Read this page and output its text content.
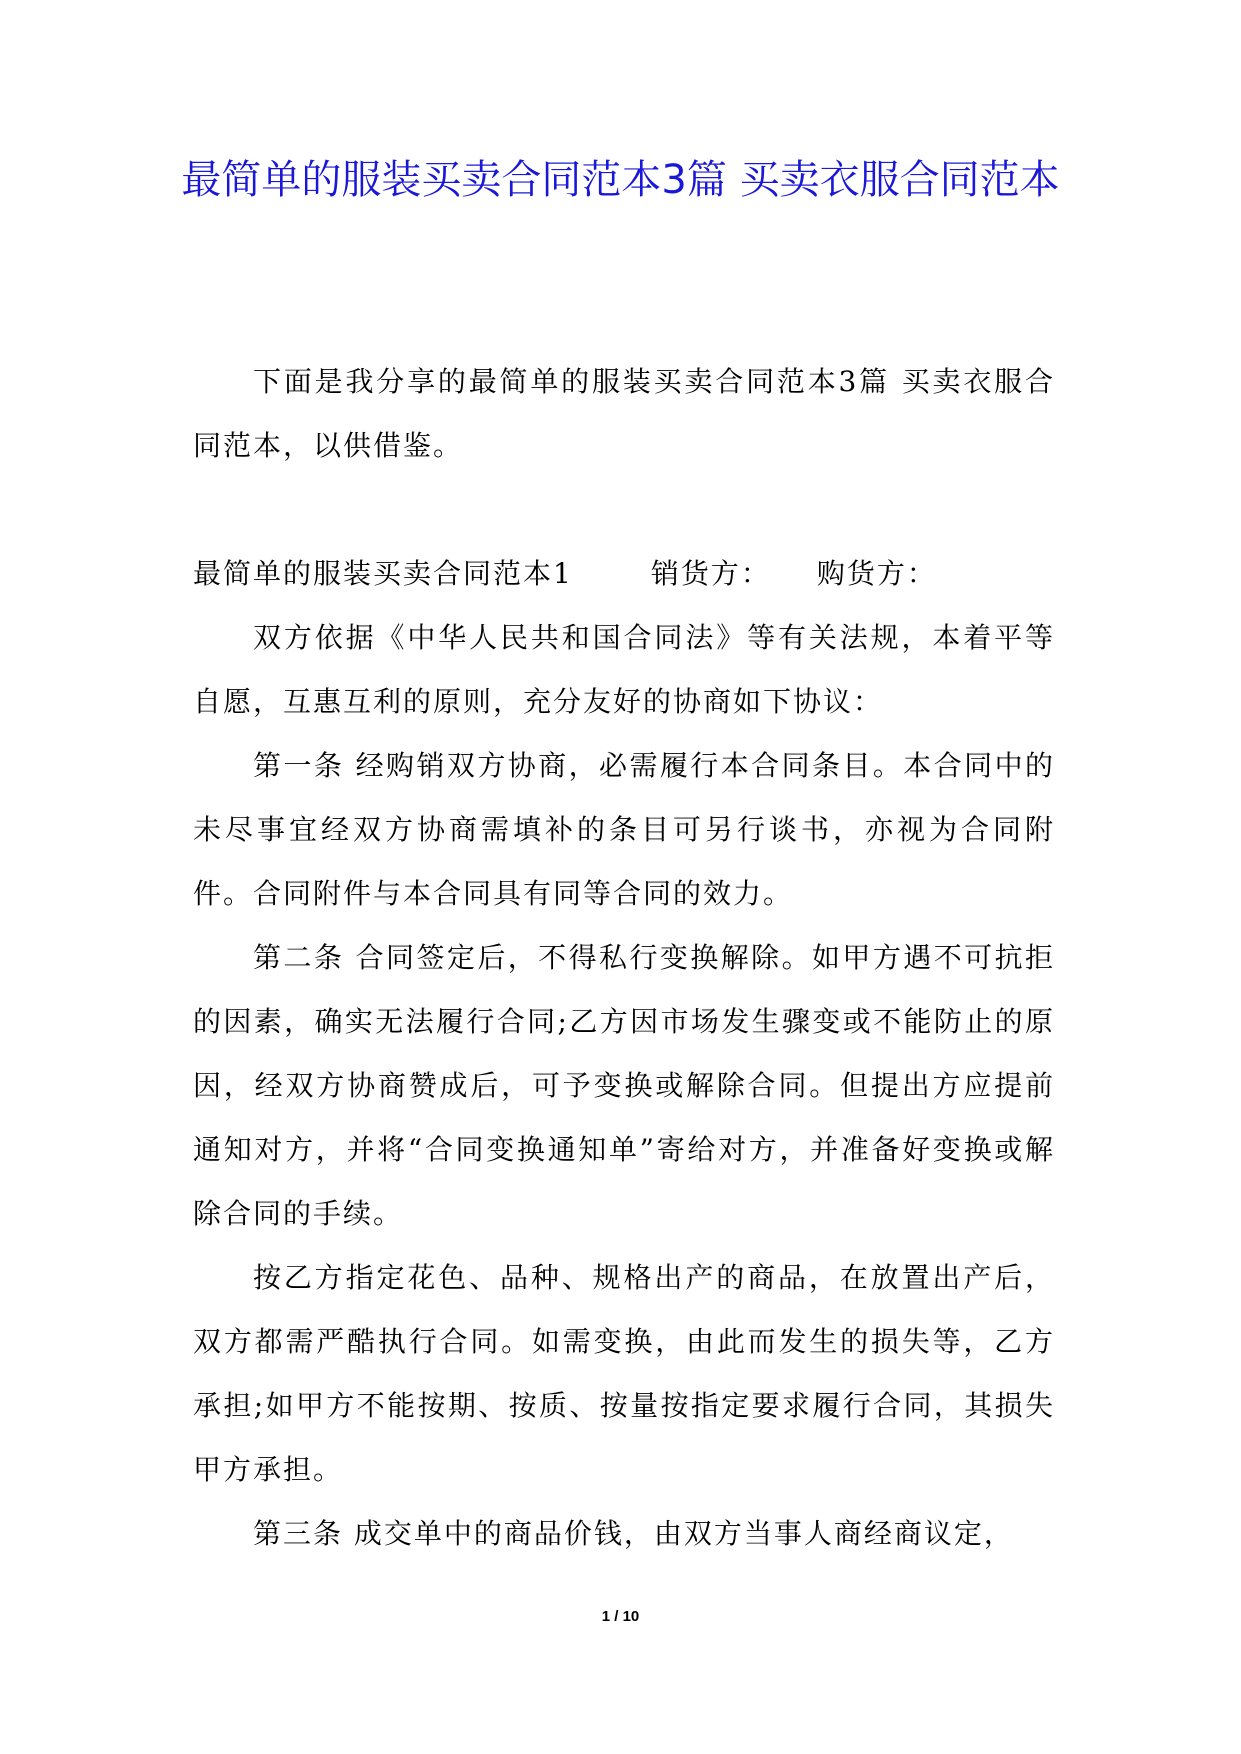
最简单的服装买卖合同范本3篇 买卖衣服合同范本

下面是我分享的最简单的服装买卖合同范本3篇 买卖衣服合同范本，以供借鉴。

最简单的服装买卖合同范本1	销货方： 购货方：

双方依据《中华人民共和国合同法》等有关法规，本着平等自愿，互惠互利的原则，充分友好的协商如下协议：

第一条 经购销双方协商，必需履行本合同条目。本合同中的未尽事宜经双方协商需填补的条目可另行谈书，亦视为合同附件。合同附件与本合同具有同等合同的效力。

第二条 合同签定后，不得私行变换解除。如甲方遇不可抗拒的因素，确实无法履行合同;乙方因市场发生骤变或不能防止的原因，经双方协商赞成后，可予变换或解除合同。但提出方应提前通知对方，并将“合同变换通知单”寄给对方，并准备好变换或解除合同的手续。

按乙方指定花色、品种、规格出产的商品，在放置出产后，双方都需严酷执行合同。如需变换，由此而发生的损失等，乙方承担;如甲方不能按期、按质、按量按指定要求履行合同，其损失甲方承担。

第三条 成交单中的商品价钱，由双方当事人商经商议定，

1 / 10
